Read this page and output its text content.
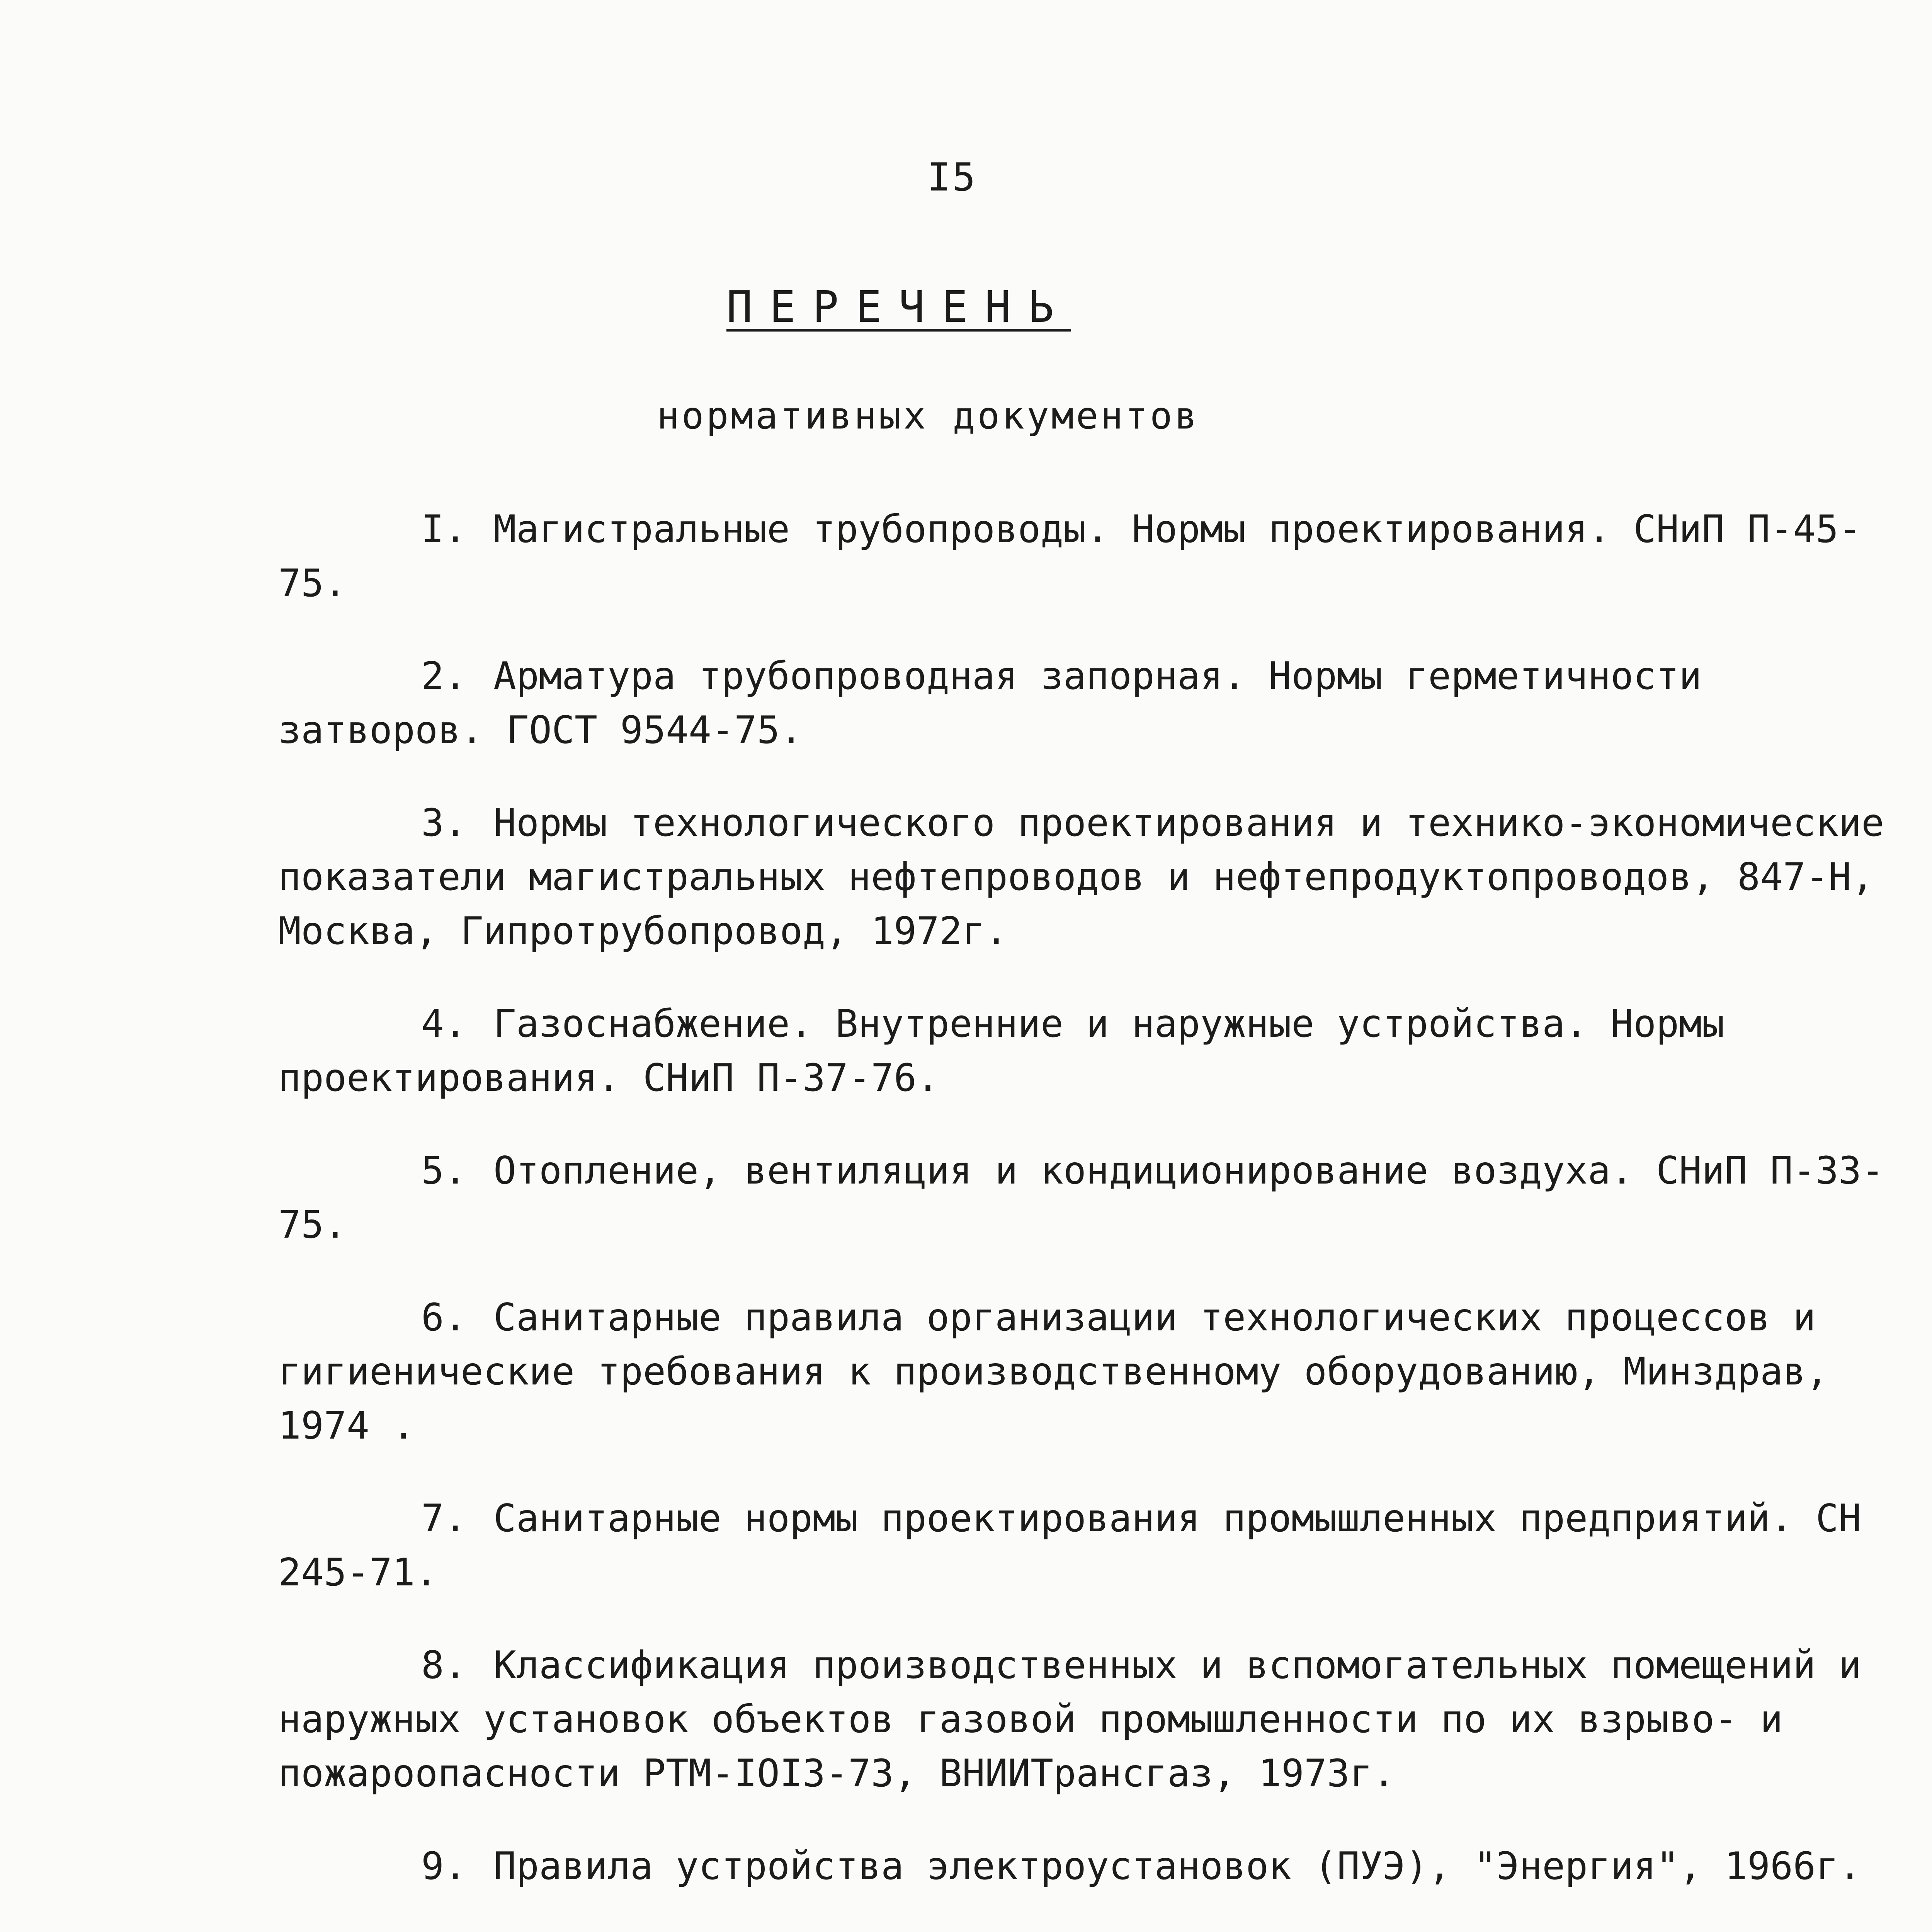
I5
ПЕРЕЧЕНЬ
нормативных документов
I. Магистральные трубопроводы. Нормы проектирования. СНиП П-45-75.
2. Арматура трубопроводная запорная. Нормы герметичности затворов. ГОСТ 9544-75.
3. Нормы технологического проектирования и технико-экономические показатели магистральных нефтепроводов и нефтепродуктопроводов, 847-Н, Москва, Гипротрубопровод, 1972г.
4. Газоснабжение. Внутренние и наружные устройства. Нормы проектирования. СНиП П-37-76.
5. Отопление, вентиляция и кондиционирование воздуха. СНиП П-33-75.
6. Санитарные правила организации технологических процессов и гигиенические требования к производственному оборудованию, Минздрав, 1974 .
7. Санитарные нормы проектирования промышленных предприятий. СН 245-71.
8. Классификация производственных и вспомогательных помещений и наружных установок объектов газовой промышленности по их взрыво- и пожароопасности РТМ-IOI3-73, ВНИИТрансгаз, 1973г.
9. Правила устройства электроустановок (ПУЭ), "Энергия", 1966г.
